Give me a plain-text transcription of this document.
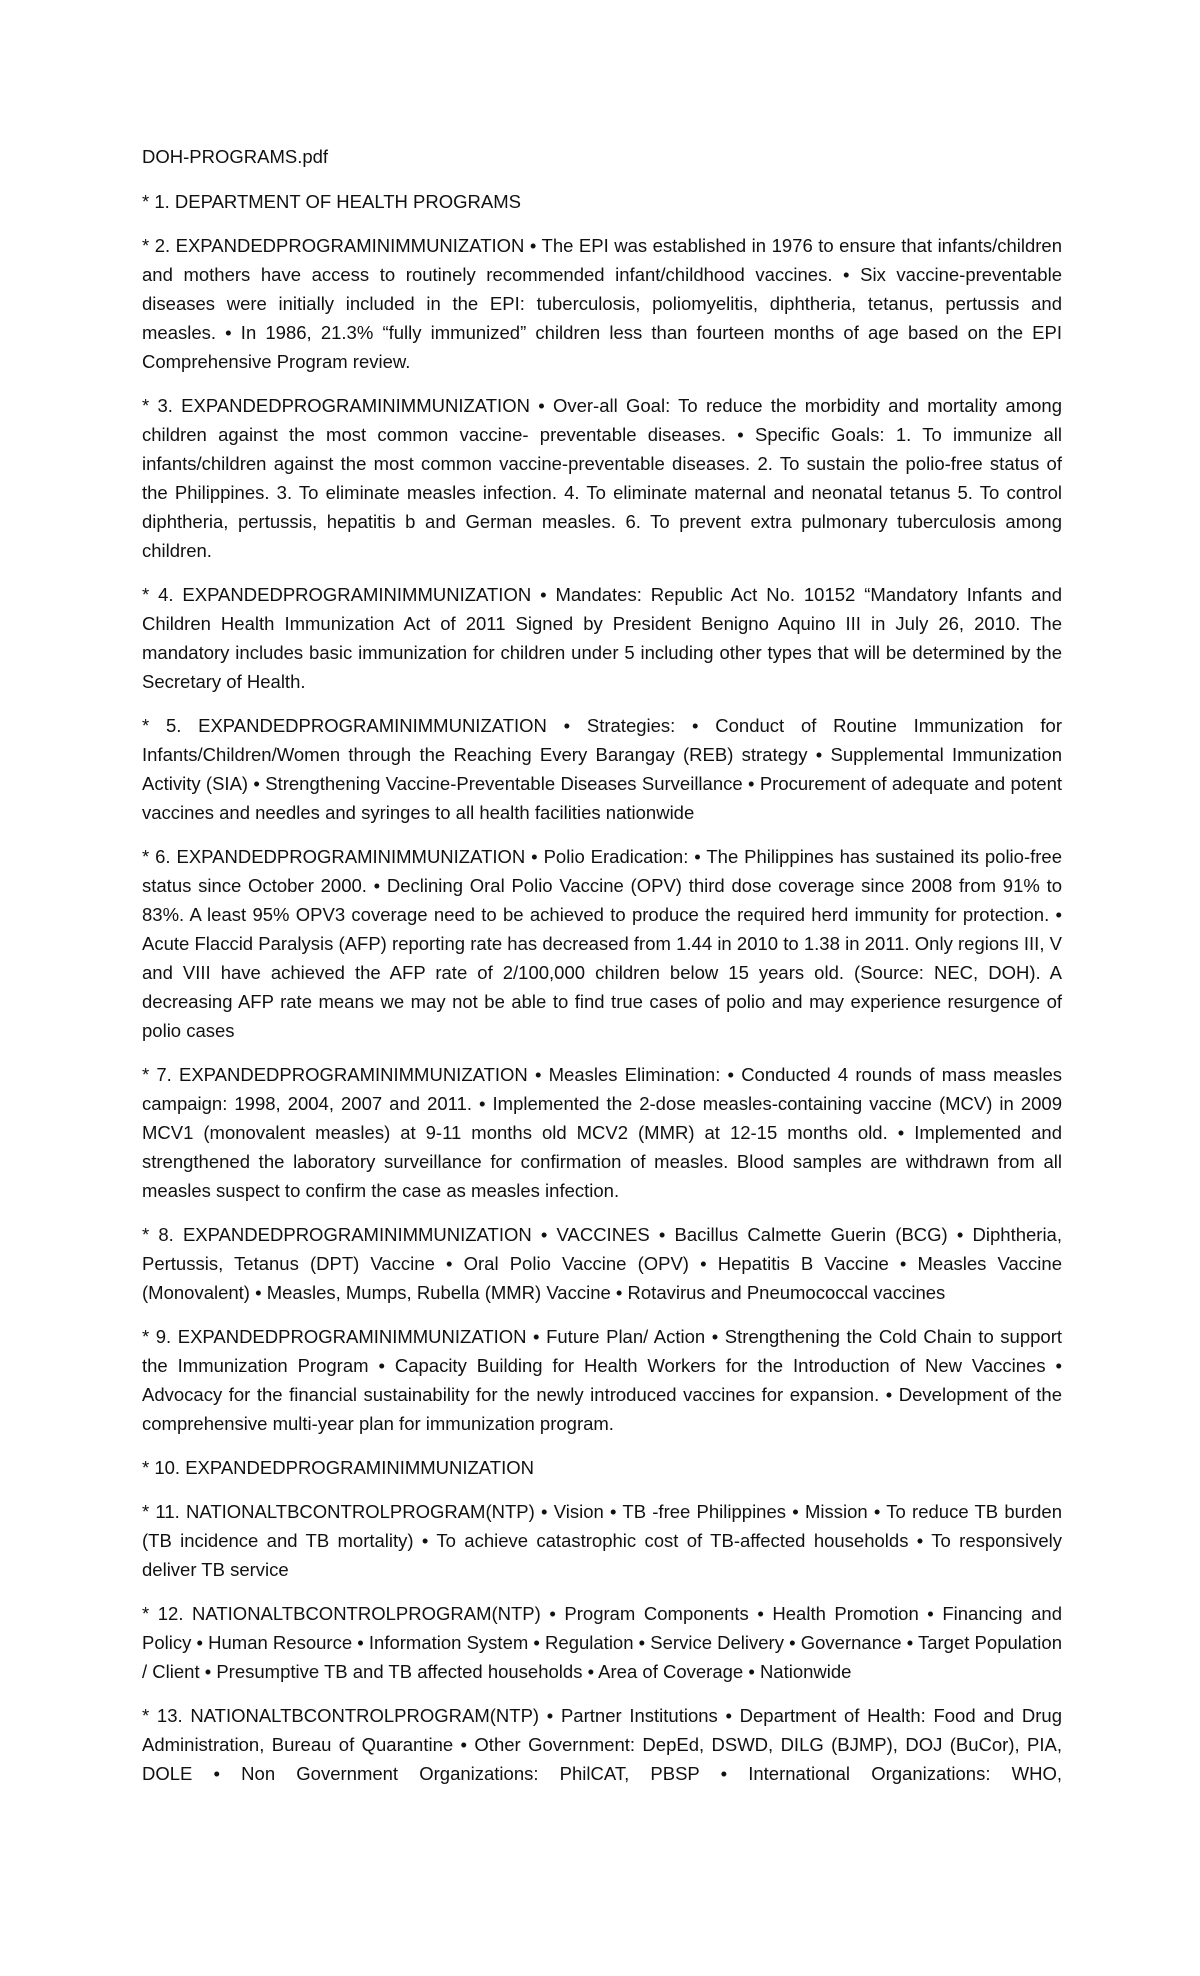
DOH-PROGRAMS.pdf

* 1. DEPARTMENT OF HEALTH PROGRAMS

* 2. EXPANDEDPROGRAMINIMMUNIZATION • The EPI was established in 1976 to ensure that infants/children and mothers have access to routinely recommended infant/childhood vaccines. • Six vaccine-preventable diseases were initially included in the EPI: tuberculosis, poliomyelitis, diphtheria, tetanus, pertussis and measles. • In 1986, 21.3% “fully immunized” children less than fourteen months of age based on the EPI Comprehensive Program review.

* 3. EXPANDEDPROGRAMINIMMUNIZATION • Over-all Goal: To reduce the morbidity and mortality among children against the most common vaccine- preventable diseases. • Specific Goals: 1. To immunize all infants/children against the most common vaccine-preventable diseases. 2. To sustain the polio-free status of the Philippines. 3. To eliminate measles infection. 4. To eliminate maternal and neonatal tetanus 5. To control diphtheria, pertussis, hepatitis b and German measles. 6. To prevent extra pulmonary tuberculosis among children.

* 4. EXPANDEDPROGRAMINIMMUNIZATION • Mandates: Republic Act No. 10152 “Mandatory Infants and Children Health Immunization Act of 2011 Signed by President Benigno Aquino III in July 26, 2010. The mandatory includes basic immunization for children under 5 including other types that will be determined by the Secretary of Health.

* 5. EXPANDEDPROGRAMINIMMUNIZATION • Strategies: • Conduct of Routine Immunization for Infants/Children/Women through the Reaching Every Barangay (REB) strategy • Supplemental Immunization Activity (SIA) • Strengthening Vaccine-Preventable Diseases Surveillance • Procurement of adequate and potent vaccines and needles and syringes to all health facilities nationwide

* 6. EXPANDEDPROGRAMINIMMUNIZATION • Polio Eradication: • The Philippines has sustained its polio-free status since October 2000. • Declining Oral Polio Vaccine (OPV) third dose coverage since 2008 from 91% to 83%. A least 95% OPV3 coverage need to be achieved to produce the required herd immunity for protection. • Acute Flaccid Paralysis (AFP) reporting rate has decreased from 1.44 in 2010 to 1.38 in 2011. Only regions III, V and VIII have achieved the AFP rate of 2/100,000 children below 15 years old. (Source: NEC, DOH). A decreasing AFP rate means we may not be able to find true cases of polio and may experience resurgence of polio cases

* 7. EXPANDEDPROGRAMINIMMUNIZATION • Measles Elimination: • Conducted 4 rounds of mass measles campaign: 1998, 2004, 2007 and 2011. • Implemented the 2-dose measles-containing vaccine (MCV) in 2009 MCV1 (monovalent measles) at 9-11 months old MCV2 (MMR) at 12-15 months old. • Implemented and strengthened the laboratory surveillance for confirmation of measles. Blood samples are withdrawn from all measles suspect to confirm the case as measles infection.

* 8. EXPANDEDPROGRAMINIMMUNIZATION • VACCINES • Bacillus Calmette Guerin (BCG) • Diphtheria, Pertussis, Tetanus (DPT) Vaccine • Oral Polio Vaccine (OPV) • Hepatitis B Vaccine • Measles Vaccine (Monovalent) • Measles, Mumps, Rubella (MMR) Vaccine • Rotavirus and Pneumococcal vaccines

* 9. EXPANDEDPROGRAMINIMMUNIZATION • Future Plan/ Action • Strengthening the Cold Chain to support the Immunization Program • Capacity Building for Health Workers for the Introduction of New Vaccines • Advocacy for the financial sustainability for the newly introduced vaccines for expansion. • Development of the comprehensive multi-year plan for immunization program.

* 10. EXPANDEDPROGRAMINIMMUNIZATION

* 11. NATIONALTBCONTROLPROGRAM(NTP) • Vision • TB -free Philippines • Mission • To reduce TB burden (TB incidence and TB mortality) • To achieve catastrophic cost of TB-affected households • To responsively deliver TB service

* 12. NATIONALTBCONTROLPROGRAM(NTP) • Program Components • Health Promotion • Financing and Policy • Human Resource • Information System • Regulation • Service Delivery • Governance • Target Population / Client • Presumptive TB and TB affected households • Area of Coverage • Nationwide

* 13. NATIONALTBCONTROLPROGRAM(NTP) • Partner Institutions • Department of Health: Food and Drug Administration, Bureau of Quarantine • Other Government: DepEd, DSWD, DILG (BJMP), DOJ (BuCor), PIA, DOLE • Non Government Organizations: PhilCAT, PBSP • International Organizations: WHO,
